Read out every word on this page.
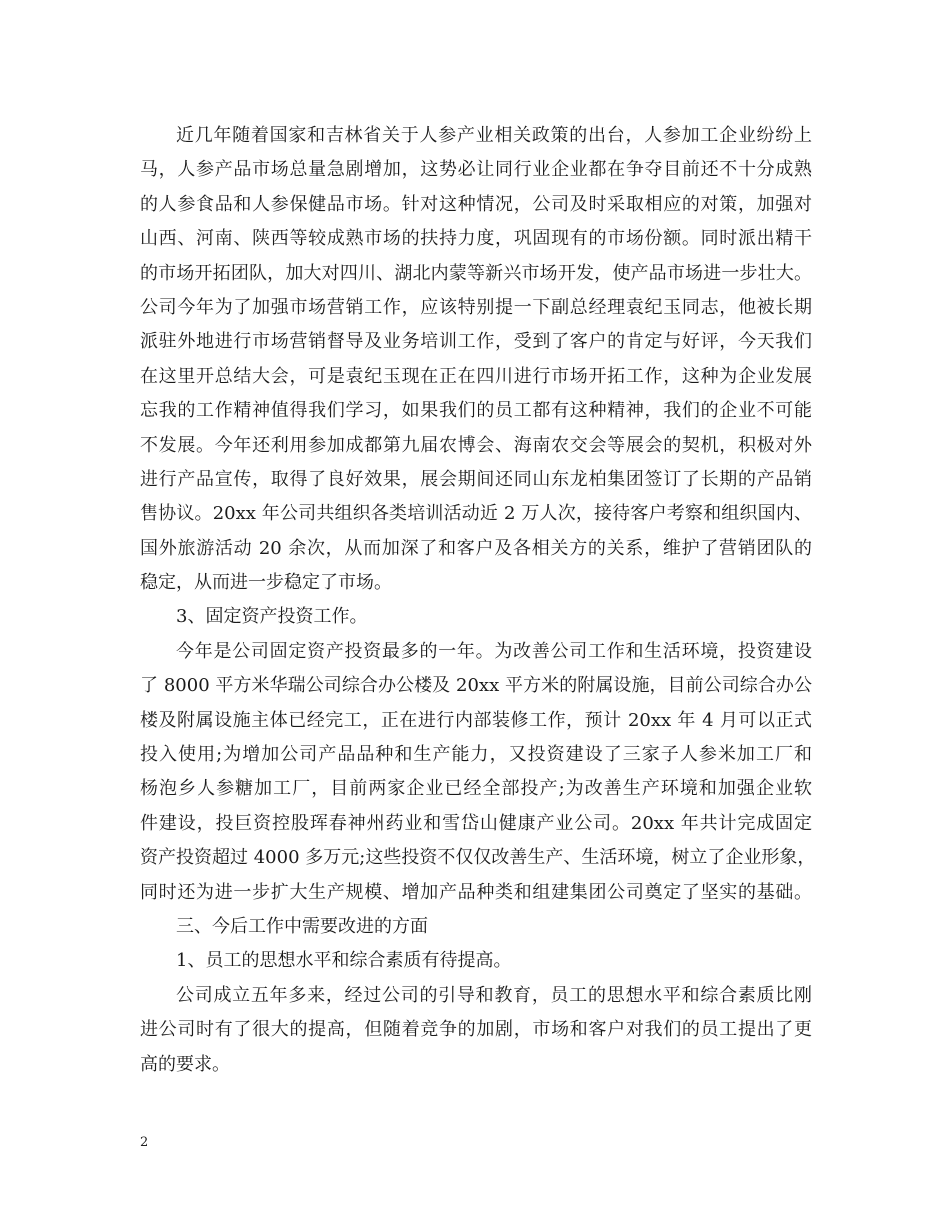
近几年随着国家和吉林省关于人参产业相关政策的出台，人参加工企业纷纷上
马，人参产品市场总量急剧增加，这势必让同行业企业都在争夺目前还不十分成熟
的人参食品和人参保健品市场。针对这种情况，公司及时采取相应的对策，加强对
山西、河南、陕西等较成熟市场的扶持力度，巩固现有的市场份额。同时派出精干
的市场开拓团队，加大对四川、湖北内蒙等新兴市场开发，使产品市场进一步壮大。
公司今年为了加强市场营销工作，应该特别提一下副总经理袁纪玉同志，他被长期
派驻外地进行市场营销督导及业务培训工作，受到了客户的肯定与好评，今天我们
在这里开总结大会，可是袁纪玉现在正在四川进行市场开拓工作，这种为企业发展
忘我的工作精神值得我们学习，如果我们的员工都有这种精神，我们的企业不可能
不发展。今年还利用参加成都第九届农博会、海南农交会等展会的契机，积极对外
进行产品宣传，取得了良好效果，展会期间还同山东龙柏集团签订了长期的产品销
售协议。20xx 年公司共组织各类培训活动近 2 万人次，接待客户考察和组织国内、
国外旅游活动 20 余次，从而加深了和客户及各相关方的关系，维护了营销团队的
稳定，从而进一步稳定了市场。
3、固定资产投资工作。
今年是公司固定资产投资最多的一年。为改善公司工作和生活环境，投资建设
了 8000 平方米华瑞公司综合办公楼及 20xx 平方米的附属设施，目前公司综合办公
楼及附属设施主体已经完工，正在进行内部装修工作，预计 20xx 年 4 月可以正式
投入使用;为增加公司产品品种和生产能力，又投资建设了三家子人参米加工厂和
杨泡乡人参糖加工厂，目前两家企业已经全部投产;为改善生产环境和加强企业软
件建设，投巨资控股珲春神州药业和雪岱山健康产业公司。20xx 年共计完成固定
资产投资超过 4000 多万元;这些投资不仅仅改善生产、生活环境，树立了企业形象，
同时还为进一步扩大生产规模、增加产品种类和组建集团公司奠定了坚实的基础。
三、今后工作中需要改进的方面
1、员工的思想水平和综合素质有待提高。
公司成立五年多来，经过公司的引导和教育，员工的思想水平和综合素质比刚
进公司时有了很大的提高，但随着竞争的加剧，市场和客户对我们的员工提出了更
高的要求。
2
